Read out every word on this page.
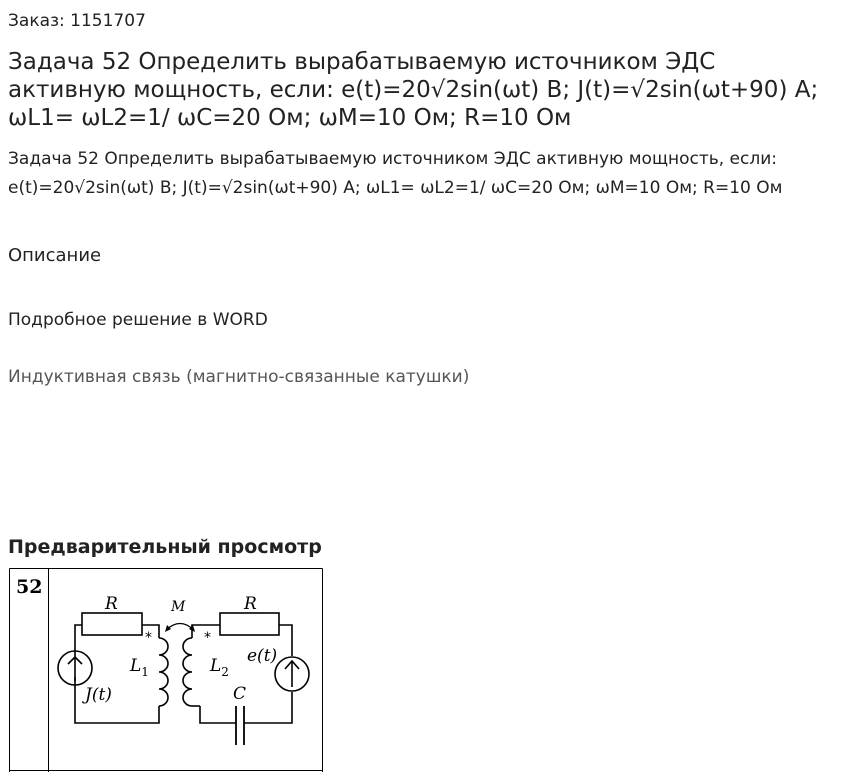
Заказ: 1151707
Задача 52 Определить вырабатываемую источником ЭДС активную мощность, если: e(t)=20√2sin(ωt) В; J(t)=√2sin(ωt+90) А; ωL1= ωL2=1/ ωC=20 Ом; ωM=10 Ом; R=10 Ом
Задача 52 Определить вырабатываемую источником ЭДС активную мощность, если: e(t)=20√2sin(ωt) В; J(t)=√2sin(ωt+90) А; ωL1= ωL2=1/ ωC=20 Ом; ωM=10 Ом; R=10 Ом
Описание
Подробное решение в WORD
Индуктивная связь (магнитно-связанные катушки)
Предварительный просмотр
52
R	R
M
$L_1$	$L_2$
C
e(t)
J(t)
*	*
